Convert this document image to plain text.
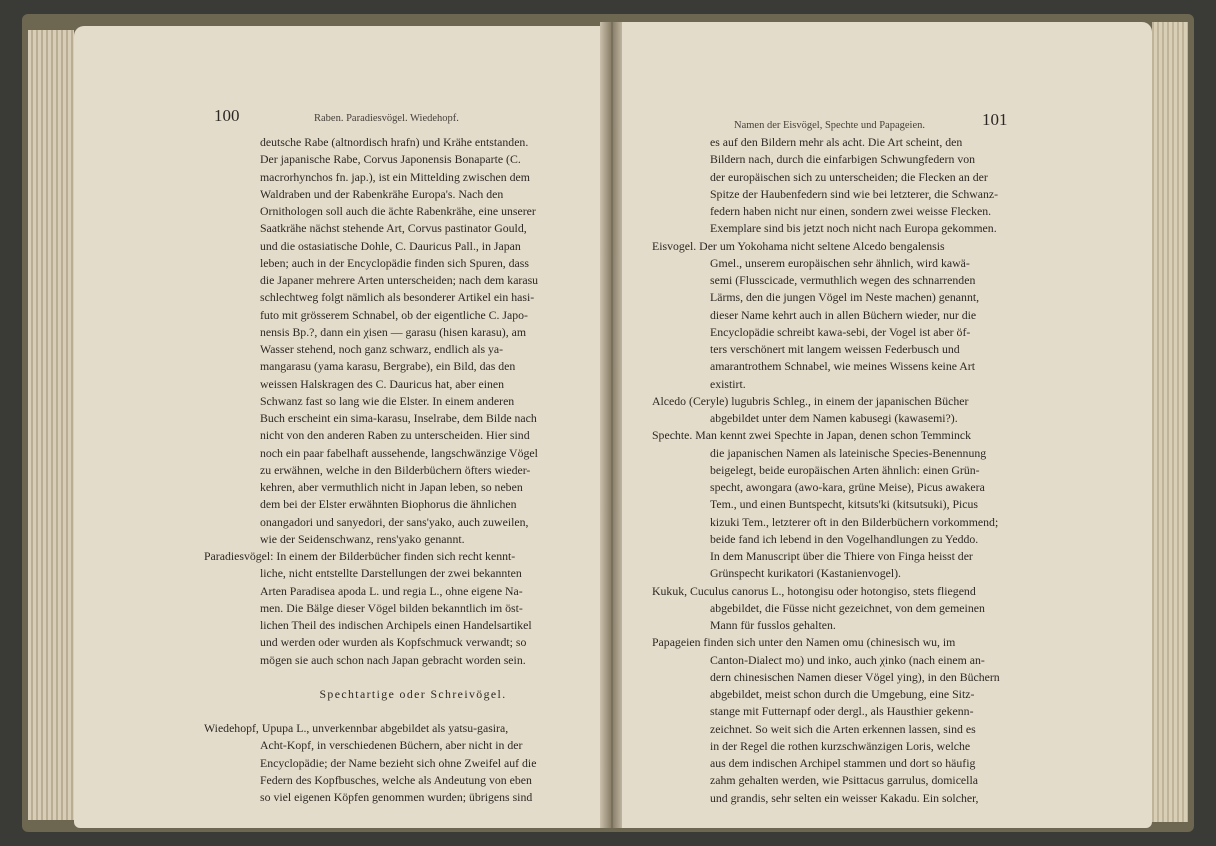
100	Raben. Paradiesvögel. Wiedehopf.
deutsche Rabe (altnordisch hrafn) und Krähe entstanden.
Der japanische Rabe, Corvus Japonensis Bonaparte (C.
macrorhynchos fn. jap.), ist ein Mittelding zwischen dem
Waldraben und der Rabenkrähe Europa's. Nach den
Ornithologen soll auch die ächte Rabenkrähe, eine unserer
Saatkrähe nächst stehende Art, Corvus pastinator Gould,
und die ostasiatische Dohle, C. Dauricus Pall., in Japan
leben; auch in der Encyclopädie finden sich Spuren, dass
die Japaner mehrere Arten unterscheiden; nach dem karasu
schlechtweg folgt nämlich als besonderer Artikel ein hasi-
futo mit grösserem Schnabel, ob der eigentliche C. Japo-
nensis Bp.?, dann ein χisen — garasu (hisen karasu), am
Wasser stehend, noch ganz schwarz, endlich als ya-
mangarasu (yama karasu, Bergrabe), ein Bild, das den
weissen Halskragen des C. Dauricus hat, aber einen
Schwanz fast so lang wie die Elster. In einem anderen
Buch erscheint ein sima-karasu, Inselrabe, dem Bilde nach
nicht von den anderen Raben zu unterscheiden. Hier sind
noch ein paar fabelhaft aussehende, langschwänzige Vögel
zu erwähnen, welche in den Bilderbüchern öfters wieder-
kehren, aber vermuthlich nicht in Japan leben, so neben
dem bei der Elster erwähnten Biophorus die ähnlichen
onangadori und sanyedori, der sans'yako, auch zuweilen,
wie der Seidenschwanz, rens'yako genannt.
Paradiesvögel: In einem der Bilderbücher finden sich recht kennt-
liche, nicht entstellte Darstellungen der zwei bekannten
Arten Paradisea apoda L. und regia L., ohne eigene Na-
men. Die Bälge dieser Vögel bilden bekanntlich im öst-
lichen Theil des indischen Archipels einen Handelsartikel
und werden oder wurden als Kopfschmuck verwandt; so
mögen sie auch schon nach Japan gebracht worden sein.
Spechtartige oder Schreivögel.
Wiedehopf, Upupa L., unverkennbar abgebildet als yatsu-gasira,
Acht-Kopf, in verschiedenen Büchern, aber nicht in der
Encyclopädie; der Name bezieht sich ohne Zweifel auf die
Federn des Kopfbusches, welche als Andeutung von eben
so viel eigenen Köpfen genommen wurden; übrigens sind
Namen der Eisvögel, Spechte und Papageien.	101
es auf den Bildern mehr als acht. Die Art scheint, den
Bildern nach, durch die einfarbigen Schwungfedern von
der europäischen sich zu unterscheiden; die Flecken an der
Spitze der Haubenfedern sind wie bei letzterer, die Schwanz-
federn haben nicht nur einen, sondern zwei weisse Flecken.
Exemplare sind bis jetzt noch nicht nach Europa gekommen.
Eisvogel. Der um Yokohama nicht seltene Alcedo bengalensis
Gmel., unserem europäischen sehr ähnlich, wird kawä-
semi (Flusscicade, vermuthlich wegen des schnarrenden
Lärms, den die jungen Vögel im Neste machen) genannt,
dieser Name kehrt auch in allen Büchern wieder, nur die
Encyclopädie schreibt kawa-sebi, der Vogel ist aber öf-
ters verschönert mit langem weissen Federbusch und
amarantrothem Schnabel, wie meines Wissens keine Art
existirt.
Alcedo (Ceryle) lugubris Schleg., in einem der japanischen Bücher
abgebildet unter dem Namen kabusegi (kawasemi?).
Spechte. Man kennt zwei Spechte in Japan, denen schon Temminck
die japanischen Namen als lateinische Species-Benennung
beigelegt, beide europäischen Arten ähnlich: einen Grün-
specht, awongara (awo-kara, grüne Meise), Picus awakera
Tem., und einen Buntspecht, kitsuts'ki (kitsutsuki), Picus
kizuki Tem., letzterer oft in den Bilderbüchern vorkommend;
beide fand ich lebend in den Vogelhandlungen zu Yeddo.
In dem Manuscript über die Thiere von Finga heisst der
Grünspecht kurikatori (Kastanienvogel).
Kukuk, Cuculus canorus L., hotongisu oder hotongiso, stets fliegend
abgebildet, die Füsse nicht gezeichnet, von dem gemeinen
Mann für fusslos gehalten.
Papageien finden sich unter den Namen omu (chinesisch wu, im
Canton-Dialect mo) und inko, auch χinko (nach einem an-
dern chinesischen Namen dieser Vögel ying), in den Büchern
abgebildet, meist schon durch die Umgebung, eine Sitz-
stange mit Futternapf oder dergl., als Hausthier gekenn-
zeichnet. So weit sich die Arten erkennen lassen, sind es
in der Regel die rothen kurzschwänzigen Loris, welche
aus dem indischen Archipel stammen und dort so häufig
zahm gehalten werden, wie Psittacus garrulus, domicella
und grandis, sehr selten ein weisser Kakadu. Ein solcher,
